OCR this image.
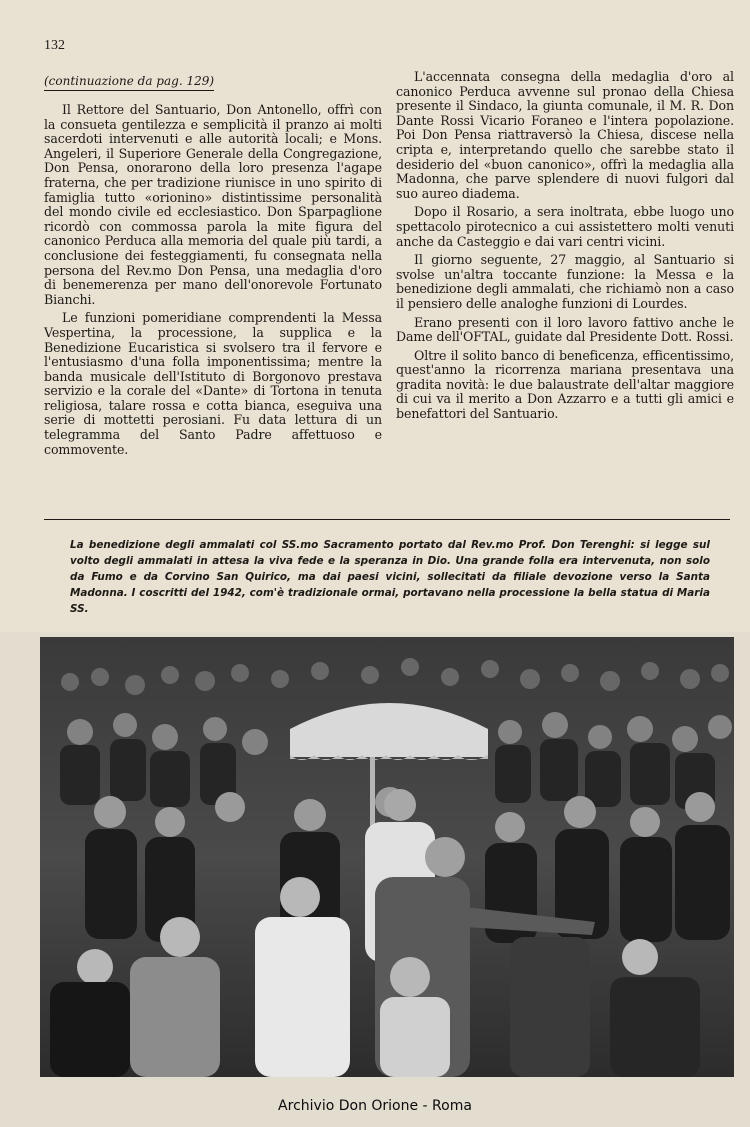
132
(continuazione da pag. 129)

Il Rettore del Santuario, Don Antonello, offrì con la consueta gentilezza e semplicità il pranzo ai molti sacerdoti intervenuti e alle autorità locali; e Mons. Angeleri, il Superiore Generale della Congregazione, Don Pensa, onorarono della loro presenza l'agape fraterna, che per tradizione riunisce in uno spirito di famiglia tutto «orionino» distintissime personalità del mondo civile ed ecclesiastico. Don Sparpaglione ricordò con commossa parola la mite figura del canonico Perduca alla memoria del quale più tardi, a conclusione dei festeggiamenti, fu consegnata nella persona del Rev.mo Don Pensa, una medaglia d'oro di benemerenza per mano dell'onorevole Fortunato Bianchi.

Le funzioni pomeridiane comprendenti la Messa Vespertina, la processione, la supplica e la Benedizione Eucaristica si svolsero tra il fervore e l'entusiasmo d'una folla imponentissima; mentre la banda musicale dell'Istituto di Borgonovo prestava servizio e la corale del «Dante» di Tortona in tenuta religiosa, talare rossa e cotta bianca, eseguiva una serie di mottetti perosiani. Fu data lettura di un telegramma del Santo Padre affettuoso e commovente.

L'accennata consegna della medaglia d'oro al canonico Perduca avvenne sul pronao della Chiesa presente il Sindaco, la giunta comunale, il M. R. Don Dante Rossi Vicario Foraneo e l'intera popolazione. Poi Don Pensa riattraversò la Chiesa, discese nella cripta e, interpretando quello che sarebbe stato il desiderio del «buon canonico», offrì la medaglia alla Madonna, che parve splendere di nuovi fulgori dal suo aureo diadema.

Dopo il Rosario, a sera inoltrata, ebbe luogo uno spettacolo pirotecnico a cui assistettero molti venuti anche da Casteggio e dai vari centri vicini.

Il giorno seguente, 27 maggio, al Santuario si svolse un'altra toccante funzione: la Messa e la benedizione degli ammalati, che richiamò non a caso il pensiero delle analoghe funzioni di Lourdes.

Erano presenti con il loro lavoro fattivo anche le Dame dell'OFTAL, guidate dal Presidente Dott. Rossi.

Oltre il solito banco di beneficenza, efficentissimo, quest'anno la ricorrenza mariana presentava una gradita novità: le due balaustrate dell'altar maggiore di cui va il merito a Don Azzarro e a tutti gli amici e benefattori del Santuario.

La benedizione degli ammalati col SS.mo Sacramento portato dal Rev.mo Prof. Don Terenghi: si legge sul volto degli ammalati in attesa la viva fede e la speranza in Dio. Una grande folla era intervenuta, non solo da Fumo e da Corvino San Quirico, ma dai paesi vicini, sollecitati da filiale devozione verso la Santa Madonna. I coscritti del 1942, com'è tradizionale ormai, portavano nella processione la bella statua di Maria SS.
Archivio Don Orione - Roma
